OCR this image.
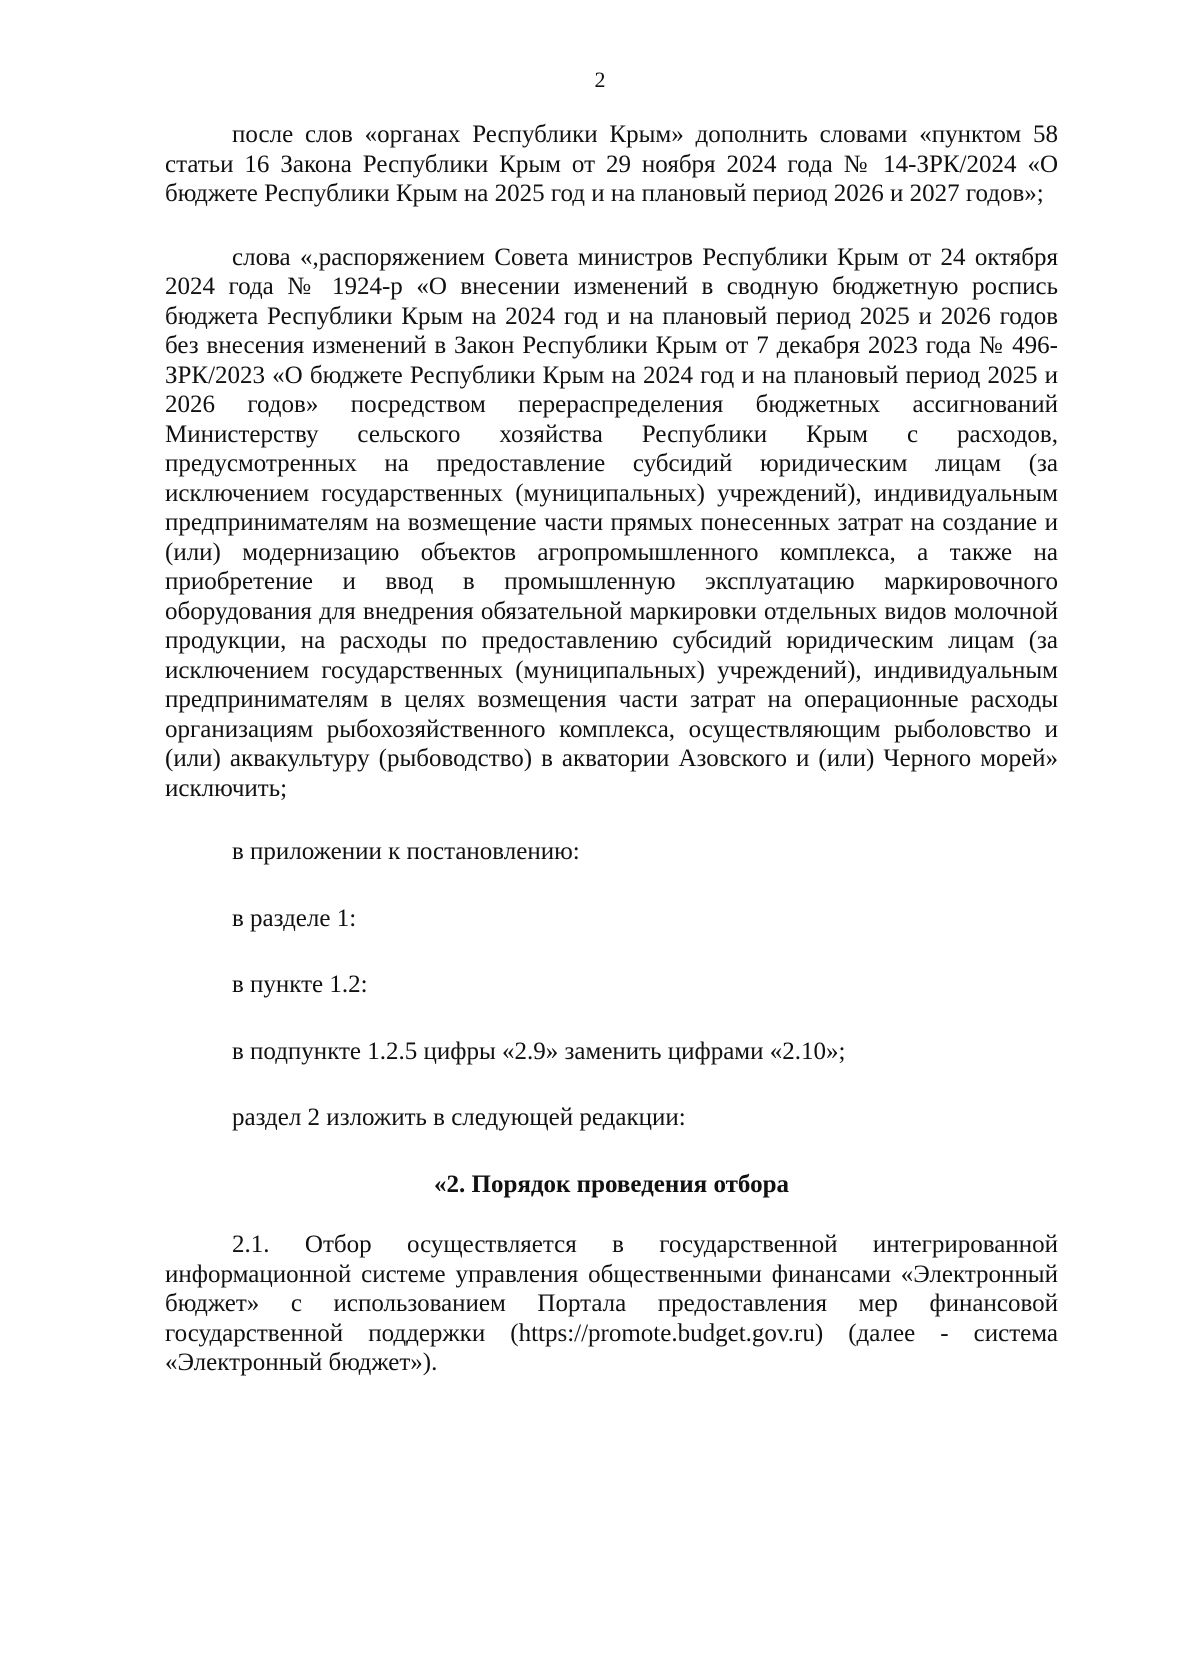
2

после слов «органах Республики Крым» дополнить словами «пунктом 58 статьи 16 Закона Республики Крым от 29 ноября 2024 года № 14-ЗРК/2024 «О бюджете Республики Крым на 2025 год и на плановый период 2026 и 2027 годов»;

слова «,распоряжением Совета министров Республики Крым от 24 октября 2024 года № 1924-р «О внесении изменений в сводную бюджетную роспись бюджета Республики Крым на 2024 год и на плановый период 2025 и 2026 годов без внесения изменений в Закон Республики Крым от 7 декабря 2023 года № 496-ЗРК/2023 «О бюджете Республики Крым на 2024 год и на плановый период 2025 и 2026 годов» посредством перераспределения бюджетных ассигнований Министерству сельского хозяйства Республики Крым с расходов, предусмотренных на предоставление субсидий юридическим лицам (за исключением государственных (муниципальных) учреждений), индивидуальным предпринимателям на возмещение части прямых понесенных затрат на создание и (или) модернизацию объектов агропромышленного комплекса, а также на приобретение и ввод в промышленную эксплуатацию маркировочного оборудования для внедрения обязательной маркировки отдельных видов молочной продукции, на расходы по предоставлению субсидий юридическим лицам (за исключением государственных (муниципальных) учреждений), индивидуальным предпринимателям в целях возмещения части затрат на операционные расходы организациям рыбохозяйственного комплекса, осуществляющим рыболовство и (или) аквакультуру (рыбоводство) в акватории Азовского и (или) Черного морей» исключить;

в приложении к постановлению:

в разделе 1:

в пункте 1.2:

в подпункте 1.2.5 цифры «2.9» заменить цифрами «2.10»;

раздел 2 изложить в следующей редакции:

«2. Порядок проведения отбора

2.1. Отбор осуществляется в государственной интегрированной информационной системе управления общественными финансами «Электронный бюджет» с использованием Портала предоставления мер финансовой государственной поддержки (https://promote.budget.gov.ru) (далее - система «Электронный бюджет»).
